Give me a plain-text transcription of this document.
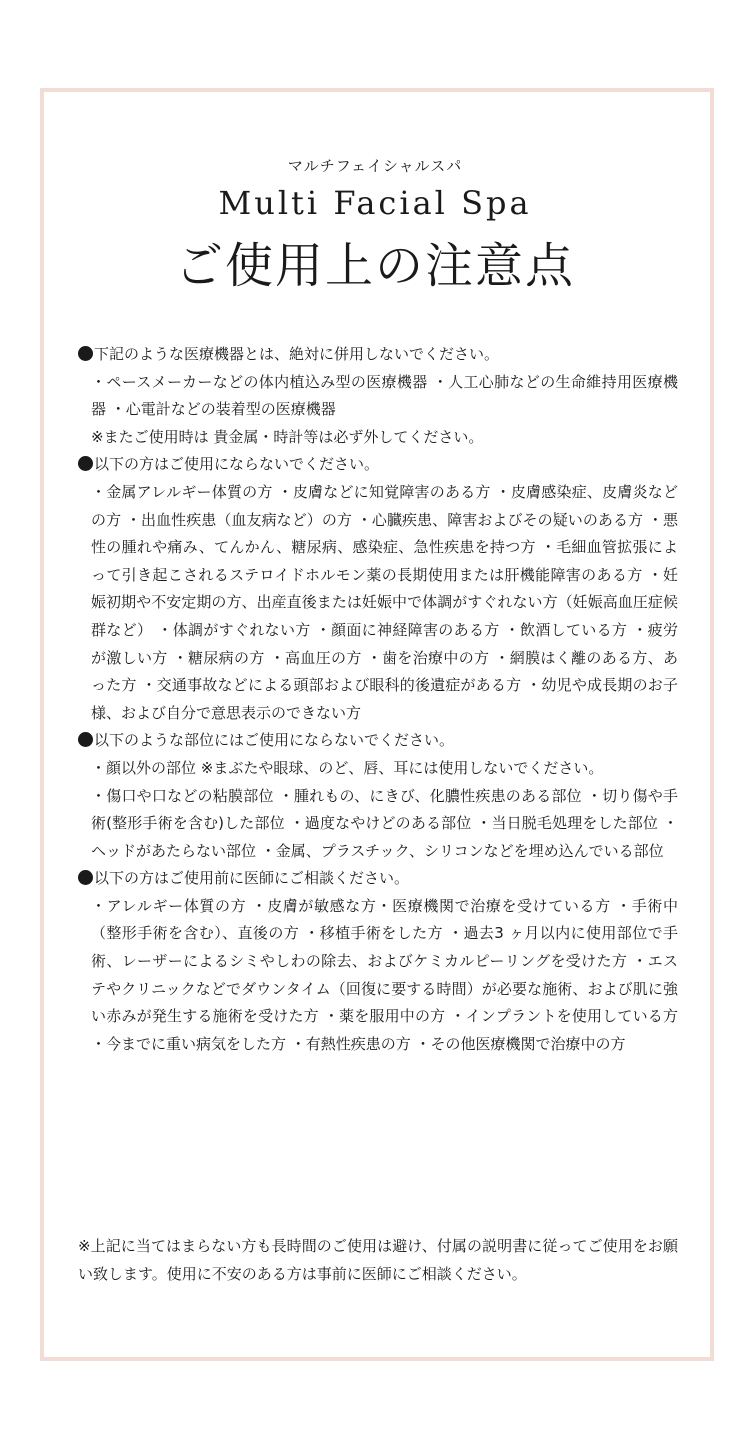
マルチフェイシャルスパ
Multi Facial Spa
ご使用上の注意点
下記のような医療機器とは、絶対に併用しないでください。

・ペースメーカーなどの体内植込み型の医療機器 ・人工心肺などの生命維持用医療機器 ・心電計などの装着型の医療機器

※またご使用時は 貴金属・時計等は必ず外してください。

以下の方はご使用にならないでください。

・金属アレルギー体質の方 ・皮膚などに知覚障害のある方 ・皮膚感染症、皮膚炎などの方 ・出血性疾患（血友病など）の方 ・心臓疾患、障害およびその疑いのある方 ・悪性の腫れや痛み、てんかん、糖尿病、感染症、急性疾患を持つ方 ・毛細血管拡張によって引き起こされるステロイドホルモン薬の長期使用または肝機能障害のある方 ・妊娠初期や不安定期の方、出産直後または妊娠中で体調がすぐれない方（妊娠高血圧症候群など） ・体調がすぐれない方 ・顔面に神経障害のある方 ・飲酒している方 ・疲労が激しい方 ・糖尿病の方 ・高血圧の方 ・歯を治療中の方 ・網膜はく離のある方、あった方 ・交通事故などによる頭部および眼科的後遺症がある方 ・幼児や成長期のお子様、および自分で意思表示のできない方

以下のような部位にはご使用にならないでください。

・顔以外の部位 ※まぶたや眼球、のど、唇、耳には使用しないでください。

・傷口や口などの粘膜部位 ・腫れもの、にきび、化膿性疾患のある部位 ・切り傷や手術(整形手術を含む)した部位 ・過度なやけどのある部位 ・当日脱毛処理をした部位 ・ヘッドがあたらない部位 ・金属、プラスチック、シリコンなどを埋め込んでいる部位

以下の方はご使用前に医師にご相談ください。

・アレルギー体質の方 ・皮膚が敏感な方・医療機関で治療を受けている方 ・手術中（整形手術を含む）、直後の方 ・移植手術をした方 ・過去3 ヶ月以内に使用部位で手術、レーザーによるシミやしわの除去、およびケミカルピーリングを受けた方 ・エステやクリニックなどでダウンタイム（回復に要する時間）が必要な施術、および肌に強い赤みが発生する施術を受けた方 ・薬を服用中の方 ・インプラントを使用している方 ・今までに重い病気をした方 ・有熱性疾患の方 ・その他医療機関で治療中の方

※上記に当てはまらない方も長時間のご使用は避け、付属の説明書に従ってご使用をお願い致します。使用に不安のある方は事前に医師にご相談ください。
